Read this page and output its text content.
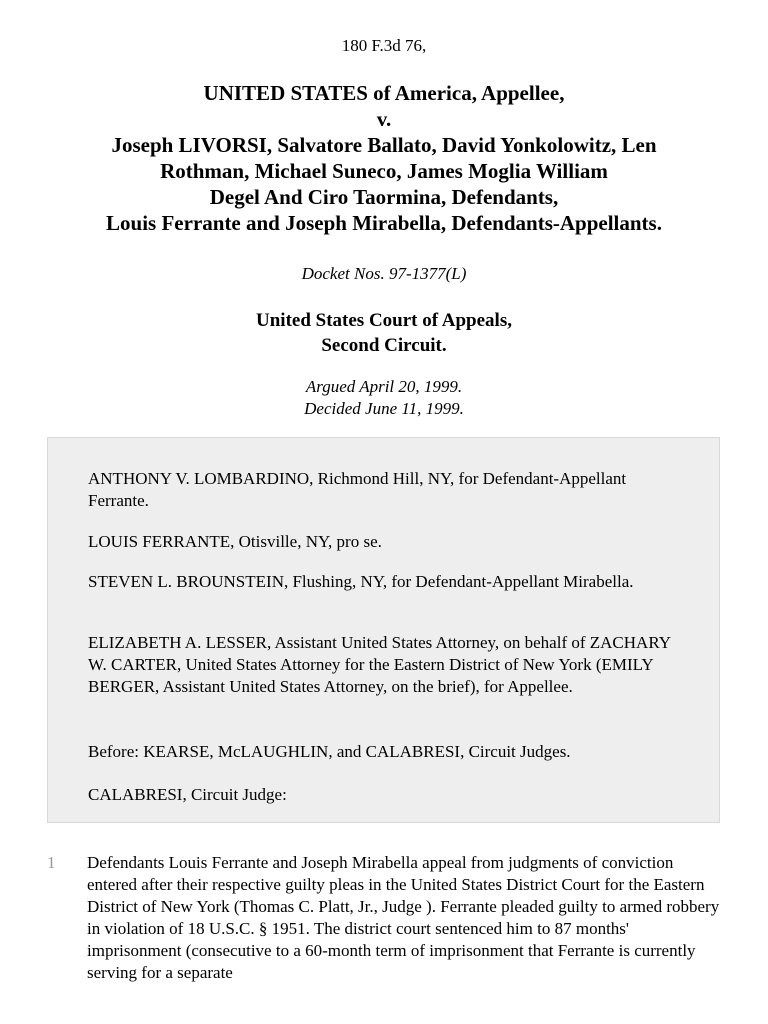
180 F.3d 76,
UNITED STATES of America, Appellee,
v.
Joseph LIVORSI, Salvatore Ballato, David Yonkolowitz, Len
Rothman, Michael Suneco, James Moglia William
Degel And Ciro Taormina, Defendants,
Louis Ferrante and Joseph Mirabella, Defendants-Appellants.
Docket Nos. 97-1377(L)
United States Court of Appeals,
Second Circuit.
Argued April 20, 1999.
Decided June 11, 1999.

ANTHONY V. LOMBARDINO, Richmond Hill, NY, for Defendant-Appellant Ferrante.

LOUIS FERRANTE, Otisville, NY, pro se.

STEVEN L. BROUNSTEIN, Flushing, NY, for Defendant-Appellant Mirabella.

ELIZABETH A. LESSER, Assistant United States Attorney, on behalf of ZACHARY W. CARTER, United States Attorney for the Eastern District of New York (EMILY BERGER, Assistant United States Attorney, on the brief), for Appellee.

Before: KEARSE, McLAUGHLIN, and CALABRESI, Circuit Judges.

CALABRESI, Circuit Judge:

1 Defendants Louis Ferrante and Joseph Mirabella appeal from judgments of conviction entered after their respective guilty pleas in the United States District Court for the Eastern District of New York (Thomas C. Platt, Jr., Judge ). Ferrante pleaded guilty to armed robbery in violation of 18 U.S.C. § 1951. The district court sentenced him to 87 months' imprisonment (consecutive to a 60-month term of imprisonment that Ferrante is currently serving for a separate
